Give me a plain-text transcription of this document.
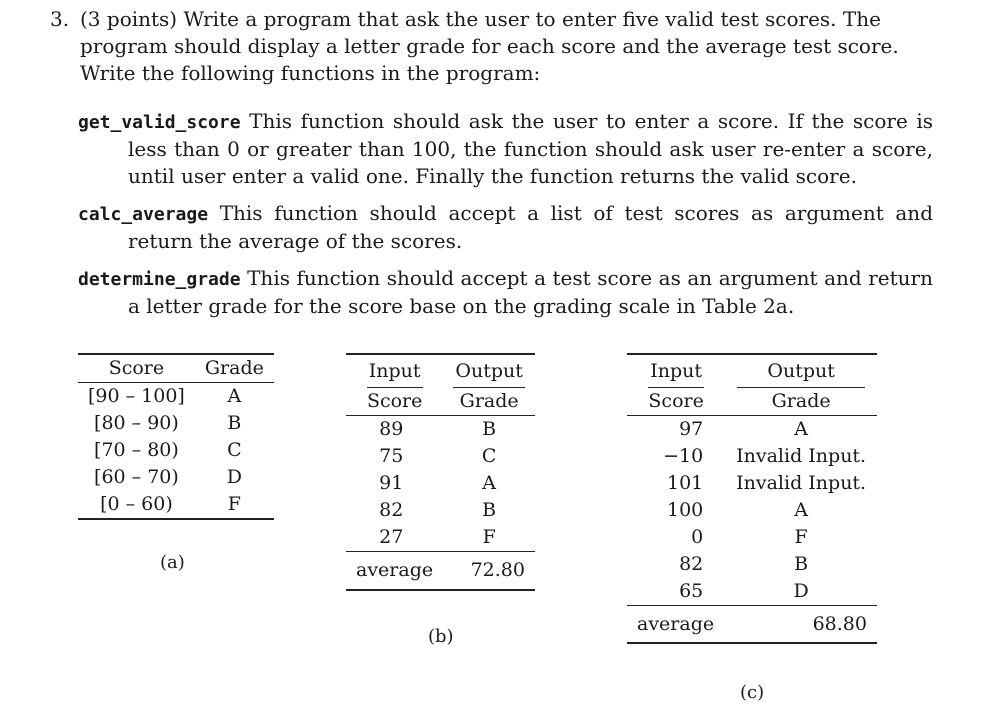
3. (3 points) Write a program that ask the user to enter five valid test scores. The program should display a letter grade for each score and the average test score. Write the following functions in the program:
get_valid_score This function should ask the user to enter a score. If the score is less than 0 or greater than 100, the function should ask user re-enter a score, until user enter a valid one. Finally the function returns the valid score.
calc_average This function should accept a list of test scores as argument and return the average of the scores.
determine_grade This function should accept a test score as an argument and return a letter grade for the score base on the grading scale in Table 2a.
Score	Grade
[90 – 100]	A
[80 – 90)	B
[70 – 80)	C
[60 – 70)	D
[0 – 60)	F
(a)
Input	Output
Score	Grade
89	B
75	C
91	A
82	B
27	F
average	72.80
(b)
Input	Output
Score	Grade
97	A
−10	Invalid Input.
101	Invalid Input.
100	A
0	F
82	B
65	D
average	68.80
(c)
